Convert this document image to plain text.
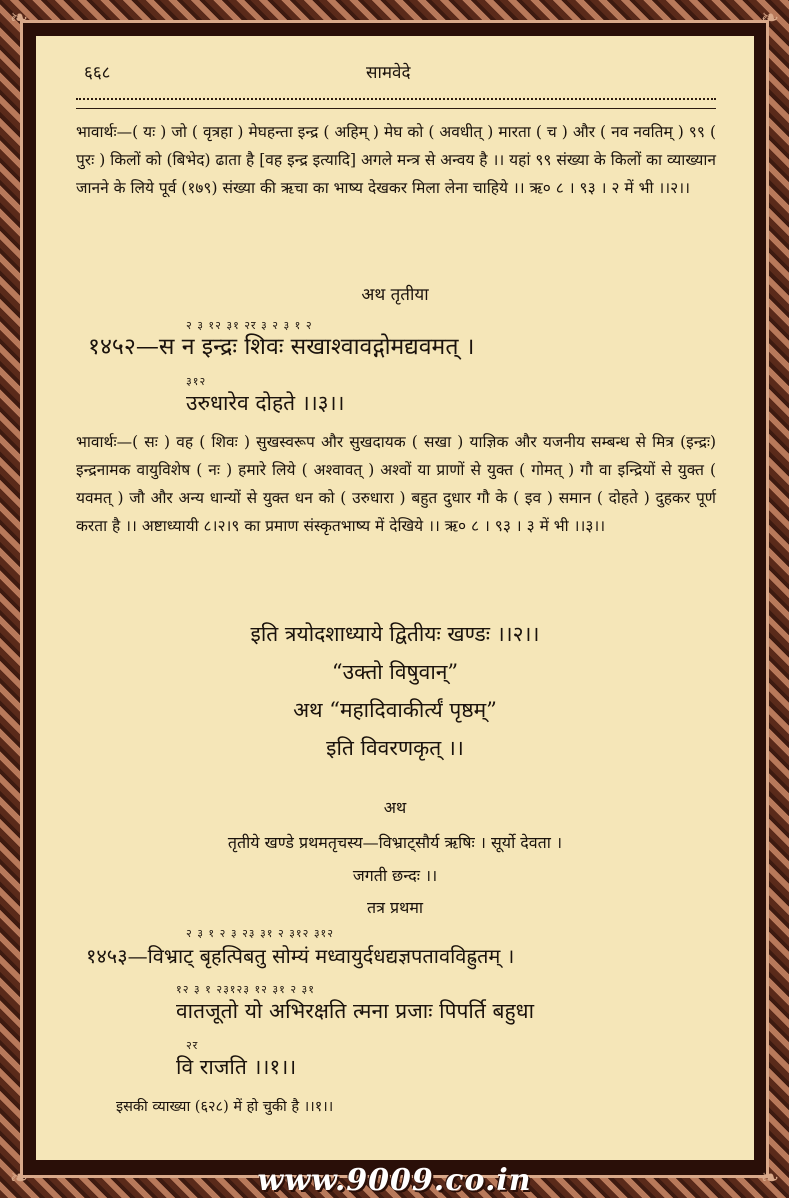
❧	❧
❧	❧
६६८	सामवेदे
भावार्थः—( यः ) जो ( वृत्रहा ) मेघहन्ता इन्द्र ( अहिम् ) मेघ को ( अवधीत् ) मारता ( च ) और ( नव नवतिम् ) ९९ ( पुरः ) किलों को (बिभेद) ढाता है [वह इन्द्र इत्यादि] अगले मन्त्र से अन्वय है ।। यहां ९९ संख्या के किलों का व्याख्यान जानने के लिये पूर्व (१७९) संख्या की ऋचा का भाष्य देखकर मिला लेना चाहिये ।। ऋ० ८ । ९३ । २ में भी ।।२।।
अथ तृतीया
२ ३ १२ ३१ २र ३ २ ३ १ २
१४५२—स न इन्द्रः शिवः सखाश्वावद्गोमद्यवमत् ।
३१२
उरुधारेव दोहते ।।३।।
भावार्थः—( सः ) वह ( शिवः ) सुखस्वरूप और सुखदायक ( सखा ) याज्ञिक और यजनीय सम्बन्ध से मित्र (इन्द्रः) इन्द्रनामक वायुविशेष ( नः ) हमारे लिये ( अश्वावत् ) अश्वों या प्राणों से युक्त ( गोमत् ) गौ वा इन्द्रियों से युक्त ( यवमत् ) जौ और अन्य धान्यों से युक्त धन को ( उरुधारा ) बहुत दुधार गौ के ( इव ) समान ( दोहते ) दुहकर पूर्ण करता है ।। अष्टाध्यायी ८।२।९ का प्रमाण संस्कृतभाष्य में देखिये ।। ऋ० ८ । ९३ । ३ में भी ।।३।।
इति त्रयोदशाध्याये द्वितीयः खण्डः ।।२।।
“उक्तो विषुवान्”
अथ “महादिवाकीर्त्यं पृष्ठम्”
इति विवरणकृत् ।।
अथ
तृतीये खण्डे प्रथमतृचस्य—विभ्राट्सौर्य ऋषिः । सूर्यो देवता ।
जगती छन्दः ।।
तत्र प्रथमा
२ ३ १ २ ३ २३ ३१ २ ३१२ ३१२
१४५३—विभ्राट् बृहत्पिबतु सोम्यं मध्वायुर्दधद्यज्ञपतावविह्रुतम् ।
१२ ३ १ २३१२३ १२ ३१ २ ३१
वातजूतो यो अभिरक्षति त्मना प्रजाः पिपर्ति बहुधा
२र
वि राजति ।।१।।
इसकी व्याख्या (६२८) में हो चुकी है ।।१।।
www.9009.co.in
